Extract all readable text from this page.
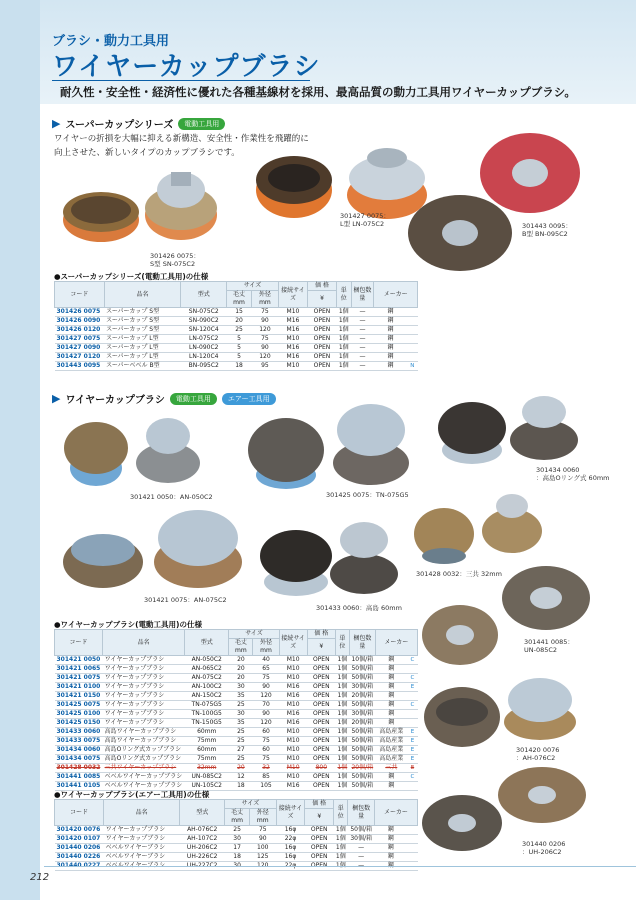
ブラシ・動力工具用
ワイヤーカップブラシ
耐久性・安全性・経済性に優れた各種基線材を採用、最高品質の動力工具用ワイヤーカップブラシ。
▶ スーパーカップシリーズ	電動工具用
ワイヤーの折損を大幅に抑える新構造、安全性・作業性を飛躍的に
向上させた、新しいタイプのカップブラシです。
301426 0075：
S型 SN-075C2
301427 0075：
L型 LN-075C2	301443 0095：
B型 BN-095C2
●スーパーカップシリーズ(電動工具用)の仕様
コード	品名	型式	サイズ		接続サイズ	価 格	単位	梱包数量	メーカー	
			毛丈 mm	外径 mm		¥				
301426 0075	スーパーカップ S型	SN-075C2	15	75	M10	OPEN	1個	—	鋼	
301426 0090	スーパーカップ S型	SN-090C2	20	90	M16	OPEN	1個	—	鋼	
301426 0120	スーパーカップ S型	SN-120C4	25	120	M16	OPEN	1個	—	鋼	
301427 0075	スーパーカップ L型	LN-075C2	5	75	M10	OPEN	1個	—	鋼	
301427 0090	スーパーカップ L型	LN-090C2	5	90	M16	OPEN	1個	—	鋼	
301427 0120	スーパーカップ L型	LN-120C4	5	120	M16	OPEN	1個	—	鋼	
301443 0095	スーパーベベル B型	BN-095C2	18	95	M10	OPEN	1個	—	鋼	N
▶ ワイヤーカップブラシ	電動工具用	エアー工具用
301421 0050：AN-050C2	301425 0075：TN-075G5
301434 0060
：高島Oリング式 60mm
301428 0032：三共 32mm
301421 0075：AN-075C2
301433 0060：高島 60mm
301441 0085：
UN-085C2
301420 0076
：AH-076C2
301440 0206
：UH-206C2
●ワイヤーカップブラシ(電動工具用)の仕様
コード	品名	型式	サイズ		接続サイズ	価 格	単位	梱包数量	メーカー	
			毛丈 mm	外径 mm		¥				
301421 0050	ワイヤーカップブラシ	AN-050C2	20	40	M10	OPEN	1個	10個/箱	鋼	C
301421 0065	ワイヤーカップブラシ	AN-065C2	20	65	M10	OPEN	1個	50個/箱	鋼	
301421 0075	ワイヤーカップブラシ	AN-075C2	20	75	M10	OPEN	1個	50個/箱	鋼	C
301421 0100	ワイヤーカップブラシ	AN-100C2	30	90	M16	OPEN	1個	30個/箱	鋼	E
301421 0150	ワイヤーカップブラシ	AN-150C2	35	120	M16	OPEN	1個	20個/箱	鋼	
301425 0075	ワイヤーカップブラシ	TN-075G5	25	70	M10	OPEN	1個	50個/箱	鋼	C
301425 0100	ワイヤーカップブラシ	TN-100G5	30	90	M16	OPEN	1個	30個/箱	鋼	
301425 0150	ワイヤーカップブラシ	TN-150G5	35	120	M16	OPEN	1個	20個/箱	鋼	
301433 0060	高島ワイヤーカップブラシ	60mm	25	60	M10	OPEN	1個	50個/箱	高島産業	E
301433 0075	高島ワイヤーカップブラシ	75mm	25	75	M10	OPEN	1個	50個/箱	高島産業	E
301434 0060	高島Oリング式カップブラシ	60mm	27	60	M10	OPEN	1個	50個/箱	高島産業	E
301434 0075	高島Oリング式カップブラシ	75mm	25	75	M10	OPEN	1個	50個/箱	高島産業	E
301428 0032	三共ワイヤーカップブラシ	32mm	20	32	M10	800	1個	20個/箱	三共	E
301441 0085	ベベルワイヤーカップブラシ	UN-085C2	12	85	M10	OPEN	1個	50個/箱	鋼	C
301441 0105	ベベルワイヤーカップブラシ	UN-105C2	18	105	M16	OPEN	1個	50個/箱	鋼	
●ワイヤーカップブラシ(エアー工具用)の仕様
コード	品名	型式	サイズ		接続サイズ	価 格	単位	梱包数量	メーカー	
			毛丈 mm	外径 mm		¥				
301420 0076	ワイヤーカップブラシ	AH-076C2	25	75	16φ	OPEN	1個	50個/箱	鋼	
301420 0107	ワイヤーカップブラシ	AH-107C2	30	90	22φ	OPEN	1個	30個/箱	鋼	
301440 0206	ベベルワイヤーブラシ	UH-206C2	17	100	16φ	OPEN	1個	—	鋼	
301440 0226	ベベルワイヤーブラシ	UH-226C2	18	125	16φ	OPEN	1個	—	鋼	
301440 0227	ベベルワイヤーブラシ	UH-227C2	30	120	22φ	OPEN	1個	—	鋼	
212
